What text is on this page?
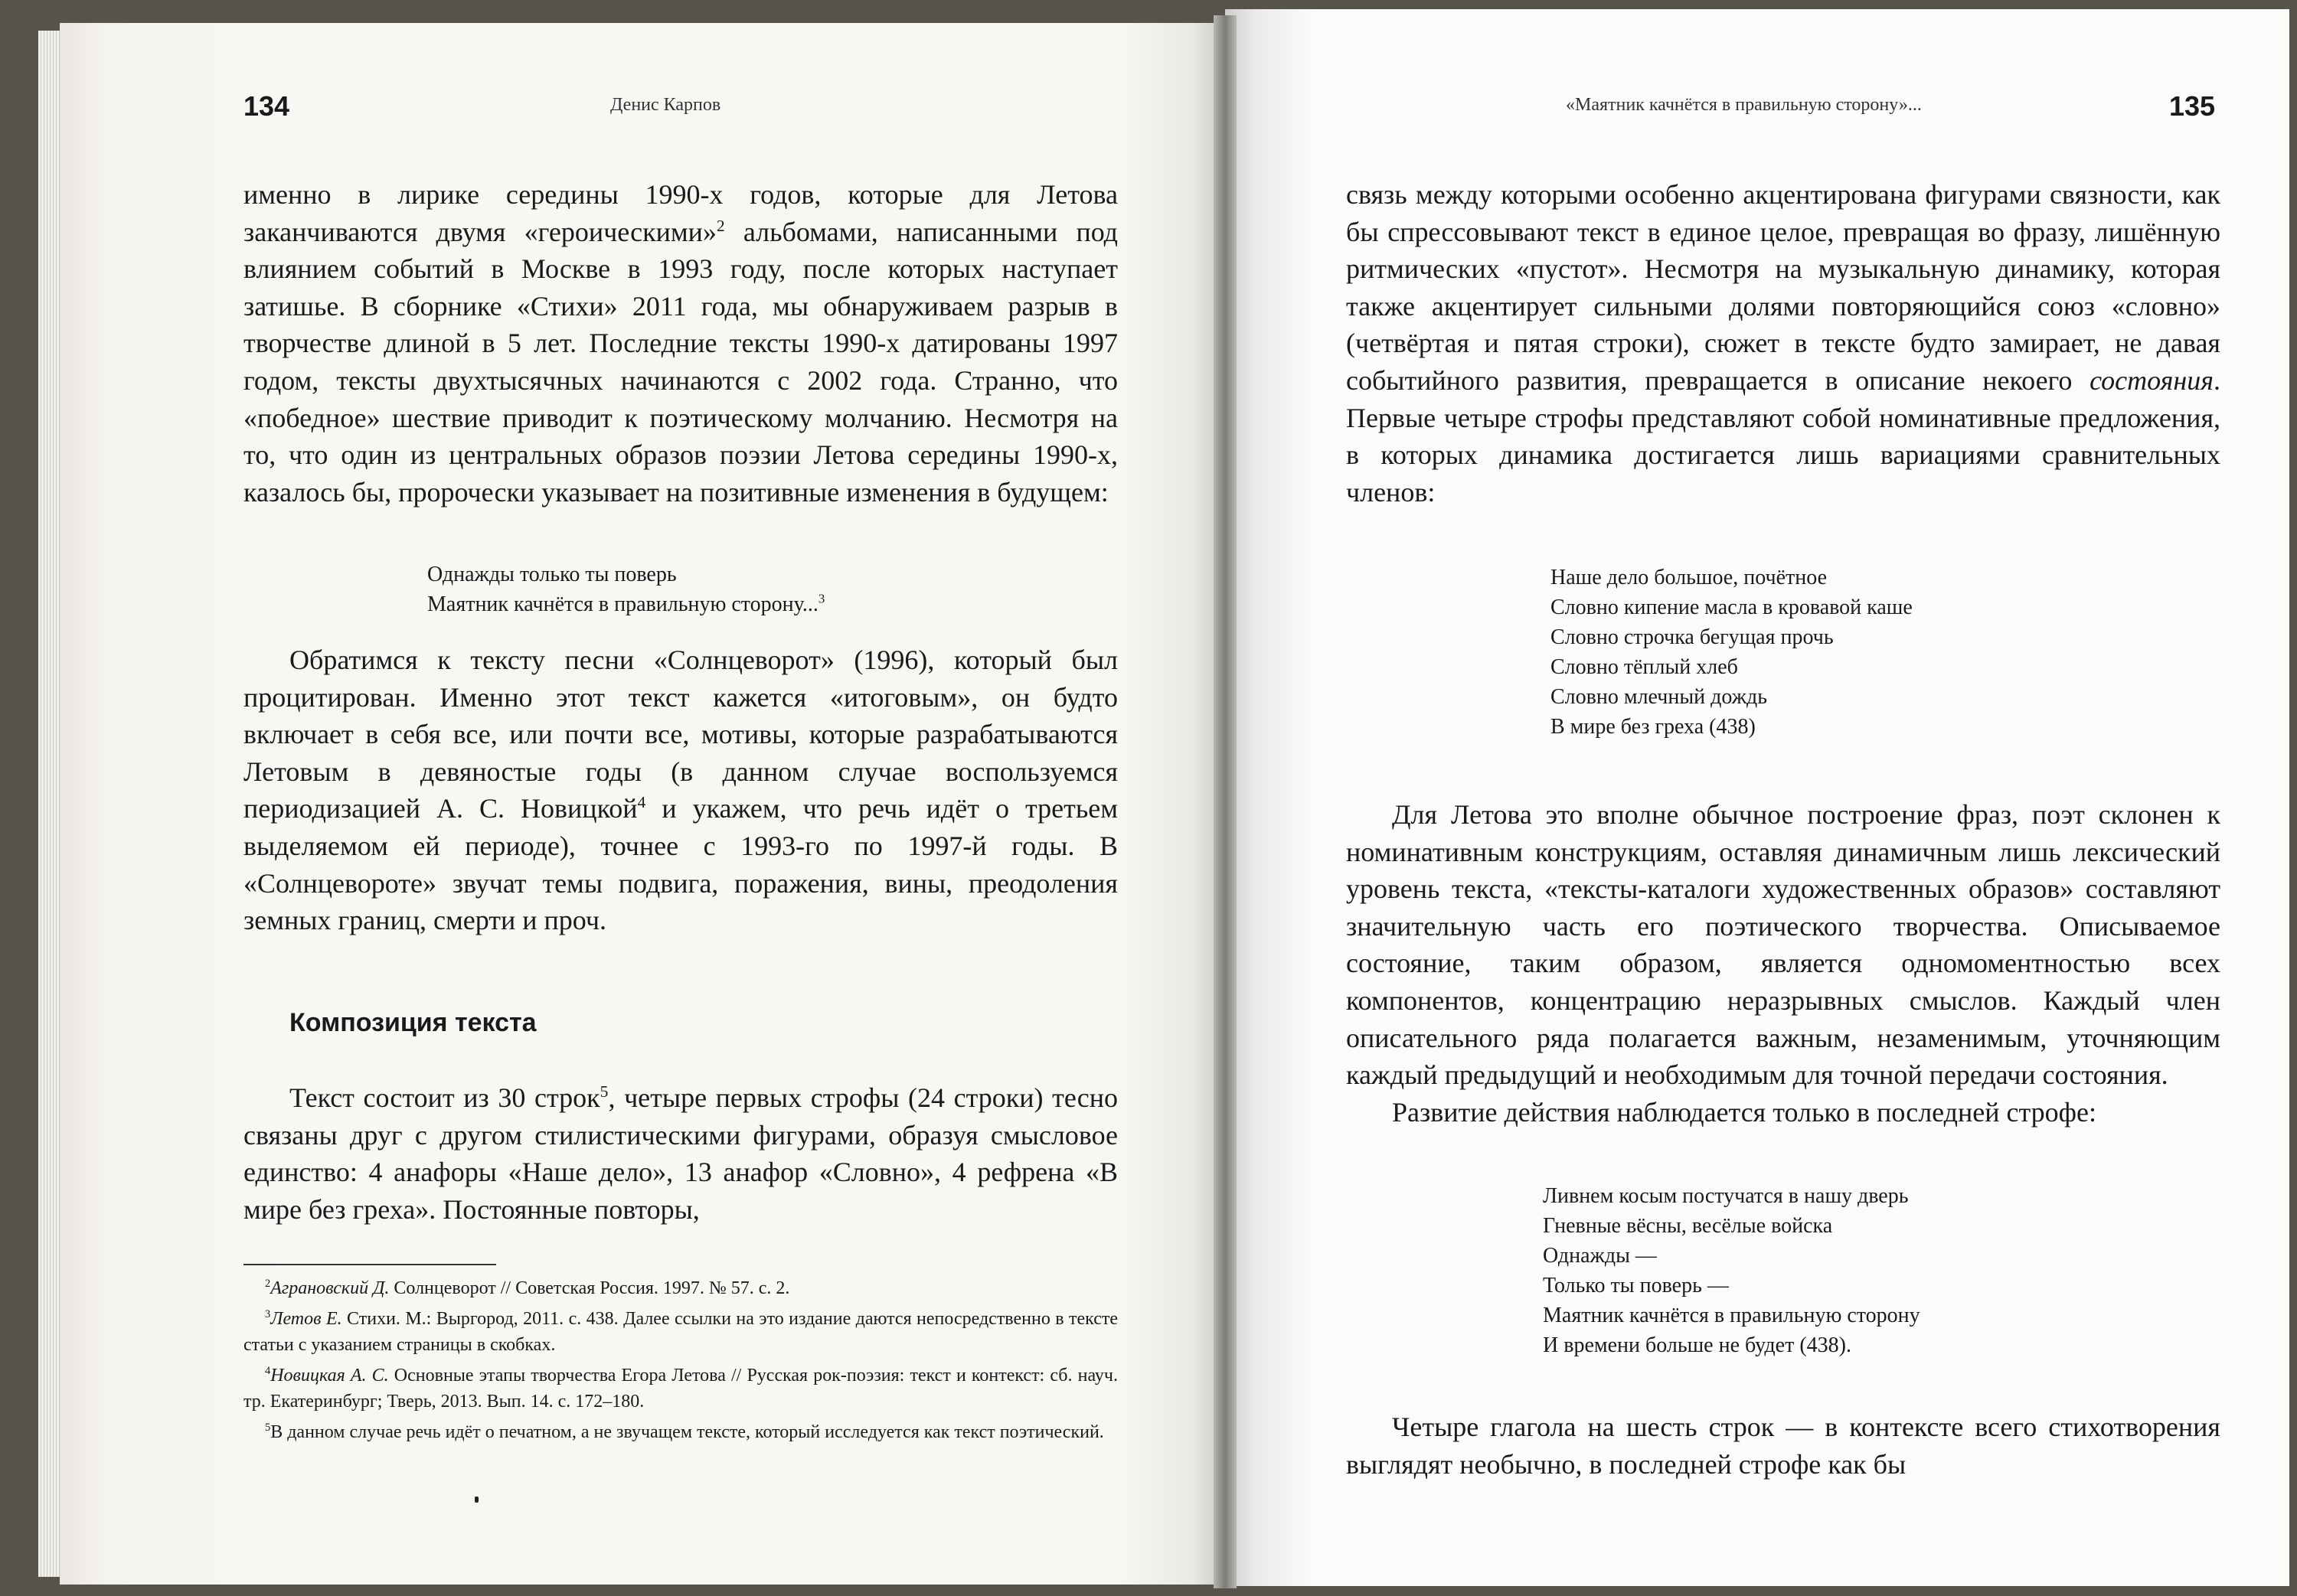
134	Денис Карпов

именно в лирике середины 1990-х годов, которые для Летова заканчиваются двумя «героическими»$^2$ альбомами, написанными под влиянием событий в Москве в 1993 году, после которых наступает затишье. В сборнике «Стихи» 2011 года, мы обнаруживаем разрыв в творчестве длиной в 5 лет. Последние тексты 1990-х датированы 1997 годом, тексты двухтысячных начинаются с 2002 года. Странно, что «победное» шествие приводит к поэтическому молчанию. Несмотря на то, что один из центральных образов поэзии Летова середины 1990-х, казалось бы, пророчески указывает на позитивные изменения в будущем:

Однажды только ты поверь
Маятник качнётся в правильную сторону...$^3$

Обратимся к тексту песни «Солнцеворот» (1996), который был процитирован. Именно этот текст кажется «итоговым», он будто включает в себя все, или почти все, мотивы, которые разрабатываются Летовым в девяностые годы (в данном случае воспользуемся периодизацией А. С. Новицкой$^4$ и укажем, что речь идёт о третьем выделяемом ей периоде), точнее с 1993-го по 1997-й годы. В «Солнцевороте» звучат темы подвига, поражения, вины, преодоления земных границ, смерти и проч.

Композиция текста

Текст состоит из 30 строк$^5$, четыре первых строфы (24 строки) тесно связаны друг с другом стилистическими фигурами, образуя смысловое единство: 4 анафоры «Наше дело», 13 анафор «Словно», 4 рефрена «В мире без греха». Постоянные повторы,

$^2$Аграновский Д. Солнцеворот // Советская Россия. 1997. № 57. с. 2.

$^3$Летов Е. Стихи. М.: Выргород, 2011. с. 438. Далее ссылки на это издание даются непосредственно в тексте статьи с указанием страницы в скобках.

$^4$Новицкая А. С. Основные этапы творчества Егора Летова // Русская рок-поэзия: текст и контекст: сб. науч. тр. Екатеринбург; Тверь, 2013. Вып. 14. с. 172–180.

$^5$В данном случае речь идёт о печатном, а не звучащем тексте, который исследуется как текст поэтический.

«Маятник качнётся в правильную сторону»...	135

связь между которыми особенно акцентирована фигурами связности, как бы спрессовывают текст в единое целое, превращая во фразу, лишённую ритмических «пустот». Несмотря на музыкальную динамику, которая также акцентирует сильными долями повторяющийся союз «словно» (четвёртая и пятая строки), сюжет в тексте будто замирает, не давая событийного развития, превращается в описание некоего состояния. Первые четыре строфы представляют собой номинативные предложения, в которых динамика достигается лишь вариациями сравнительных членов:

Наше дело большое, почётное
Словно кипение масла в кровавой каше
Словно строчка бегущая прочь
Словно тёплый хлеб
Словно млечный дождь
В мире без греха (438)

Для Летова это вполне обычное построение фраз, поэт склонен к номинативным конструкциям, оставляя динамичным лишь лексический уровень текста, «тексты-каталоги художественных образов» составляют значительную часть его поэтического творчества. Описываемое состояние, таким образом, является одномоментностью всех компонентов, концентрацию неразрывных смыслов. Каждый член описательного ряда полагается важным, незаменимым, уточняющим каждый предыдущий и необходимым для точной передачи состояния.

Развитие действия наблюдается только в последней строфе:

Ливнем косым постучатся в нашу дверь
Гневные вёсны, весёлые войска
Однажды —
Только ты поверь —
Маятник качнётся в правильную сторону
И времени больше не будет (438).

Четыре глагола на шесть строк — в контексте всего стихотворения выглядят необычно, в последней строфе как бы
